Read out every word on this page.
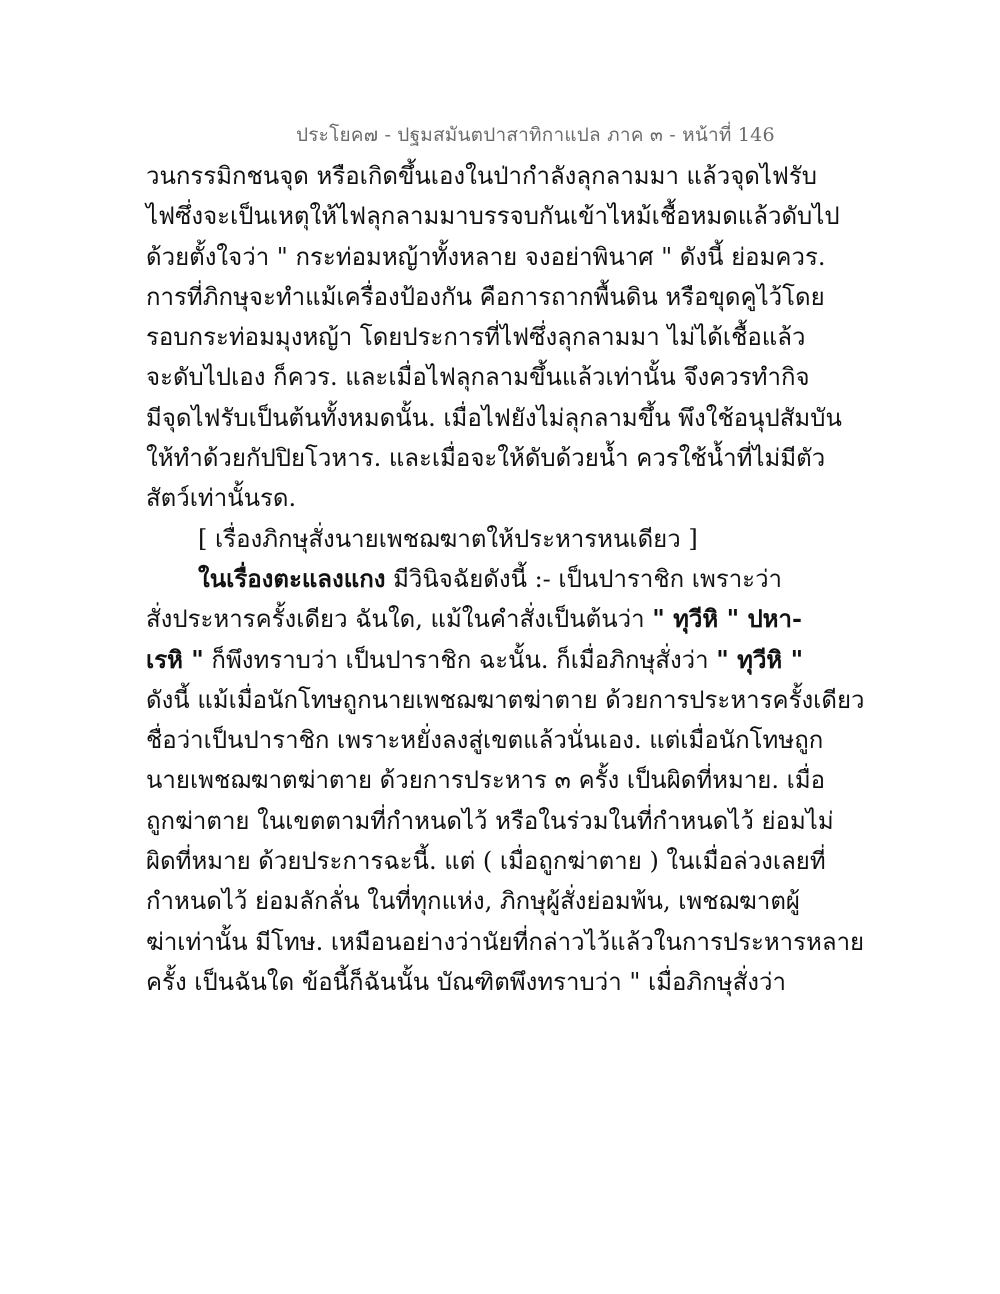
ประโยค๗ - ปฐมสมันตปาสาทิกาแปล ภาค ๓ - หน้าที่ 146
วนกรรมิกชนจุด หรือเกิดขึ้นเองในป่ากำลังลุกลามมา แล้วจุดไฟรับ
ไฟซึ่งจะเป็นเหตุให้ไฟลุกลามมาบรรจบกันเข้าไหม้เชื้อหมดแล้วดับไป
ด้วยตั้งใจว่า " กระท่อมหญ้าทั้งหลาย จงอย่าพินาศ " ดังนี้ ย่อมควร.
การที่ภิกษุจะทำแม้เครื่องป้องกัน คือการถากพื้นดิน หรือขุดคูไว้โดย
รอบกระท่อมมุงหญ้า โดยประการที่ไฟซึ่งลุกลามมา ไม่ได้เชื้อแล้ว
จะดับไปเอง ก็ควร. และเมื่อไฟลุกลามขึ้นแล้วเท่านั้น จึงควรทำกิจ
มีจุดไฟรับเป็นต้นทั้งหมดนั้น. เมื่อไฟยังไม่ลุกลามขึ้น พึงใช้อนุปสัมบัน
ให้ทำด้วยกัปปิยโวหาร. และเมื่อจะให้ดับด้วยน้ำ ควรใช้น้ำที่ไม่มีตัว
สัตว์เท่านั้นรด.
[ เรื่องภิกษุสั่งนายเพชฌฆาตให้ประหารหนเดียว ]
ในเรื่องตะแลงแกง มีวินิจฉัยดังนี้ :- เป็นปาราชิก เพราะว่า
สั่งประหารครั้งเดียว ฉันใด, แม้ในคำสั่งเป็นต้นว่า " ทุวีหิ " ปหา-
เรหิ " ก็พึงทราบว่า เป็นปาราชิก ฉะนั้น. ก็เมื่อภิกษุสั่งว่า " ทุวีหิ "
ดังนี้ แม้เมื่อนักโทษถูกนายเพชฌฆาตฆ่าตาย ด้วยการประหารครั้งเดียว
ชื่อว่าเป็นปาราชิก เพราะหยั่งลงสู่เขตแล้วนั่นเอง. แต่เมื่อนักโทษถูก
นายเพชฌฆาตฆ่าตาย ด้วยการประหาร ๓ ครั้ง เป็นผิดที่หมาย. เมื่อ
ถูกฆ่าตาย ในเขตตามที่กำหนดไว้ หรือในร่วมในที่กำหนดไว้ ย่อมไม่
ผิดที่หมาย ด้วยประการฉะนี้. แต่ ( เมื่อถูกฆ่าตาย ) ในเมื่อล่วงเลยที่
กำหนดไว้ ย่อมลักลั่น ในที่ทุกแห่ง, ภิกษุผู้สั่งย่อมพ้น, เพชฌฆาตผู้
ฆ่าเท่านั้น มีโทษ. เหมือนอย่างว่านัยที่กล่าวไว้แล้วในการประหารหลาย
ครั้ง เป็นฉันใด ข้อนี้ก็ฉันนั้น บัณฑิตพึงทราบว่า " เมื่อภิกษุสั่งว่า
